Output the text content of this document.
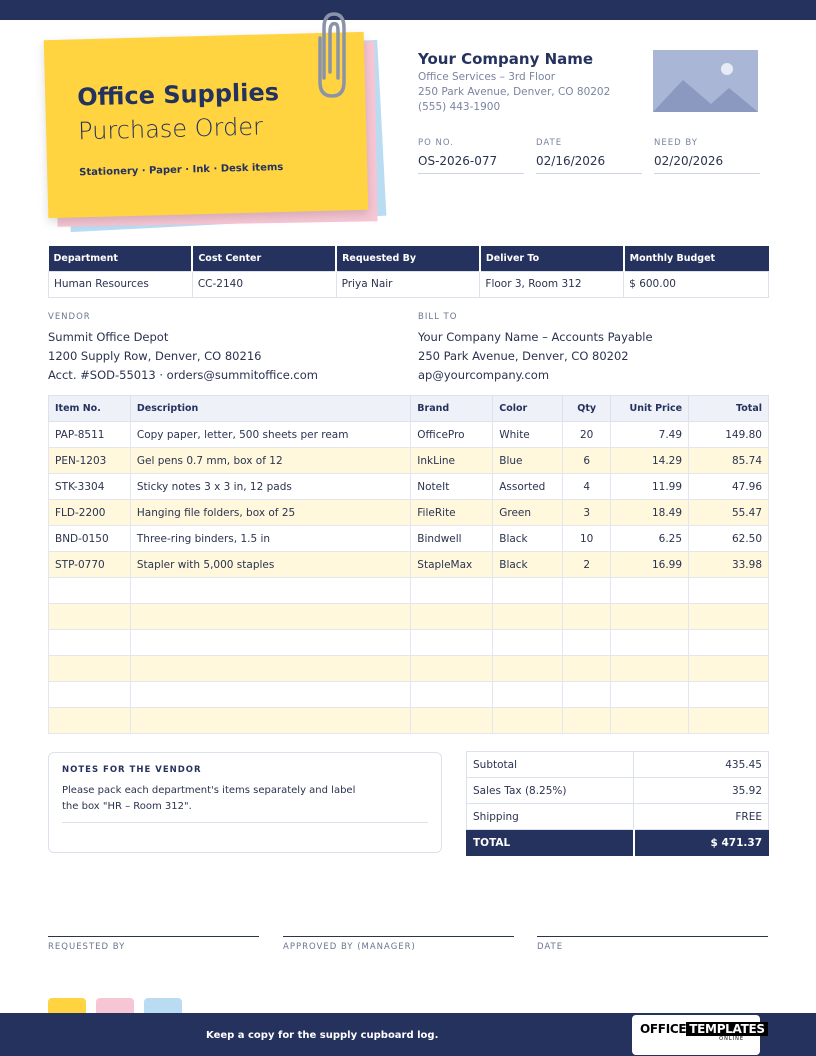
Office Supplies
Purchase Order
Stationery · Paper · Ink · Desk items
Your Company Name
Office Services – 3rd Floor
250 Park Avenue, Denver, CO 80202
(555) 443-1900
PO NO.
OS-2026-077
DATE
02/16/2026
NEED BY
02/20/2026
Department	Cost Center	Requested By	Deliver To	Monthly Budget
Human Resources	CC-2140	Priya Nair	Floor 3, Room 312	$ 600.00
VENDOR
Summit Office Depot
1200 Supply Row, Denver, CO 80216
Acct. #SOD-55013 · orders@summitoffice.com
BILL TO
Your Company Name – Accounts Payable
250 Park Avenue, Denver, CO 80202
ap@yourcompany.com
Item No.	Description	Brand	Color	Qty	Unit Price	Total
PAP-8511	Copy paper, letter, 500 sheets per ream	OfficePro	White	20	7.49	149.80
PEN-1203	Gel pens 0.7 mm, box of 12	InkLine	Blue	6	14.29	85.74
STK-3304	Sticky notes 3 x 3 in, 12 pads	NoteIt	Assorted	4	11.99	47.96
FLD-2200	Hanging file folders, box of 25	FileRite	Green	3	18.49	55.47
BND-0150	Three-ring binders, 1.5 in	Bindwell	Black	10	6.25	62.50
STP-0770	Stapler with 5,000 staples	StapleMax	Black	2	16.99	33.98

NOTES FOR THE VENDOR
Please pack each department's items separately and label the box "HR – Room 312".
Subtotal	435.45
Sales Tax (8.25%)	35.92
Shipping	FREE
TOTAL	$ 471.37
REQUESTED BY	APPROVED BY (MANAGER)	DATE
Keep a copy for the supply cupboard log.	OFFICE TEMPLATES
ONLINE
